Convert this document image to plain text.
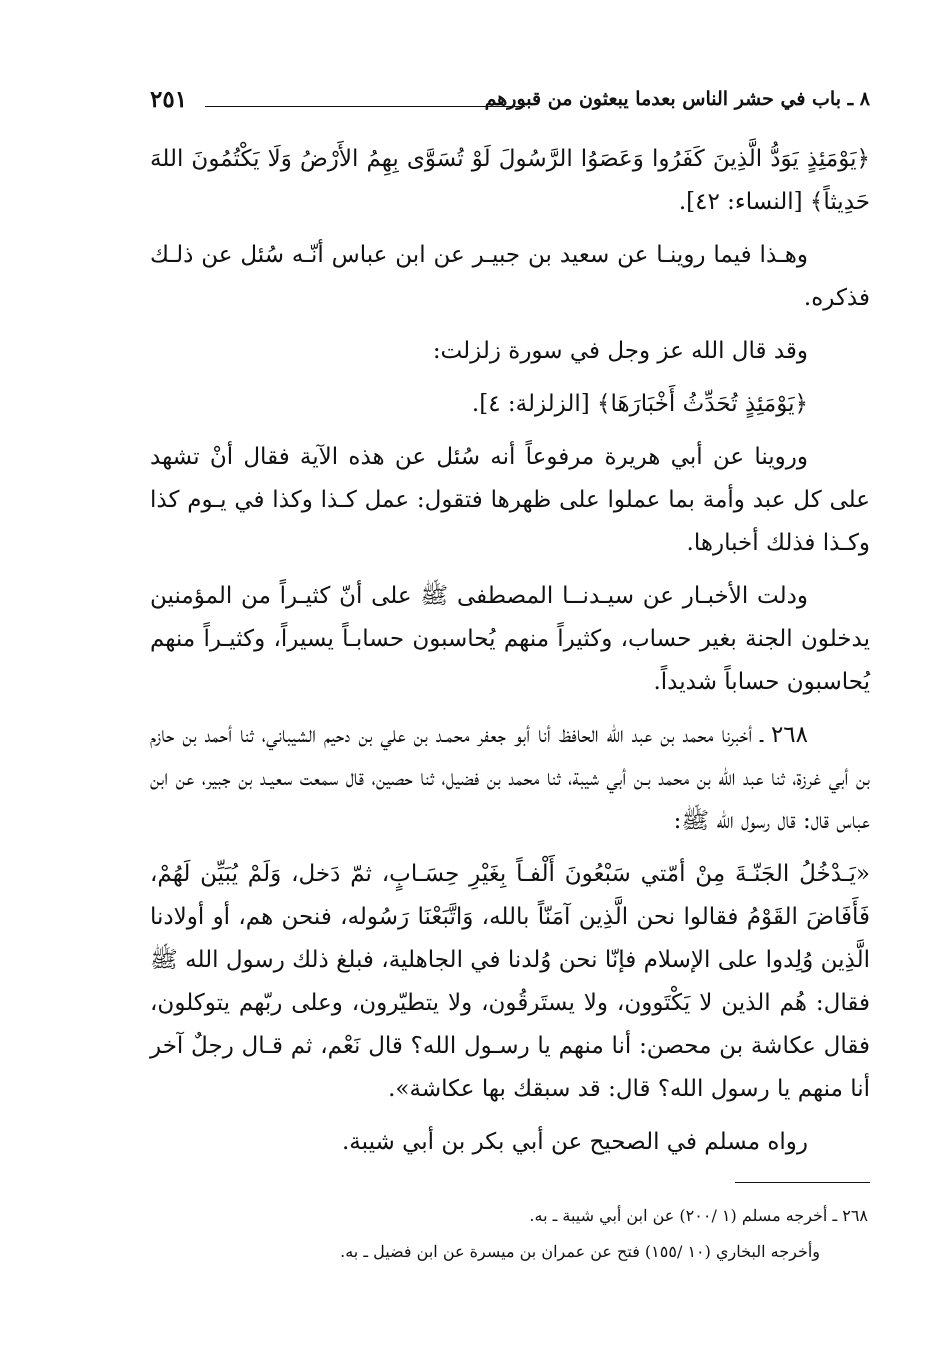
٨ ـ باب في حشر الناس بعدما يبعثون من قبورهم
٢٥١

﴿يَوْمَئِذٍ يَوَدُّ الَّذِينَ كَفَرُوا وَعَصَوُا الرَّسُولَ لَوْ تُسَوَّى بِهِمُ الأَرْضُ وَلَا يَكْتُمُونَ اللهَ حَدِيثاً﴾ [النساء: ٤٢].

وهـذا فيما روينـا عن سعيد بن جبيـر عن ابن عباس أنّـه سُئل عن ذلـك فذكره.

وقد قال الله عز وجل في سورة زلزلت:

﴿يَوْمَئِذٍ تُحَدِّثُ أَخْبَارَهَا﴾ [الزلزلة: ٤].

وروينا عن أبي هريرة مرفوعاً أنه سُئل عن هذه الآية فقال أنْ تشهد على كل عبد وأمة بما عملوا على ظهرها فتقول: عمل كـذا وكذا في يـوم كذا وكـذا فذلك أخبارها.

ودلت الأخبـار عن سيـدنــا المصطفى ﷺ على أنّ كثيـراً من المؤمنين يدخلون الجنة بغير حساب، وكثيراً منهم يُحاسبون حسابـاً يسيراً، وكثيـراً منهم يُحاسبون حساباً شديداً.

٢٦٨ ـ أخبرنا محمد بن عبد الله الحافظ أنا أبو جعفر محمـد بن علي بن دحيم الشيباني، ثنا أحمد بن حازم بن أبي غرزة، ثنا عبد الله بن محمد بـن أبي شيبة، ثنا محمد بن فضيل، ثنا حصين، قال سمعت سعيـد بن جبير، عن ابن عباس قال: قال رسول الله ﷺ:

«يَـدْخُلُ الجَنّـةَ مِنْ أمّتي سَبْعُونَ أَلْفـاً بِغَيْرِ حِسَـابٍ، ثمّ دَخل، وَلَمْ يُبَيِّن لَهُمْ، فَأَفَاضَ القَوْمُ فقالوا نحن الَّذِين آمَنّاً بالله، وَاتَّبَعْنَا رَسُوله، فنحن هم، أو أولادنا الَّذِين وُلِدوا على الإسلام فإنّا نحن وُلدنا في الجاهلية، فبلغ ذلك رسول الله ﷺ فقال: هُم الذين لا يَكْتَوون، ولا يستَرقُون، ولا يتطيّرون، وعلى ربّهم يتوكلون، فقال عكاشة بن محصن: أنا منهم يا رسـول الله؟ قال نَعْم، ثم قـال رجلٌ آخر أنا منهم يا رسول الله؟ قال: قد سبقك بها عكاشة».

رواه مسلم في الصحيح عن أبي بكر بن أبي شيبة.

٢٦٨ ـ أخرجه مسلم (١ /٢٠٠) عن ابن أبي شيبة ـ به.

وأخرجه البخاري (١٠ /١٥٥) فتح عن عمران بن ميسرة عن ابن فضيل ـ به.
